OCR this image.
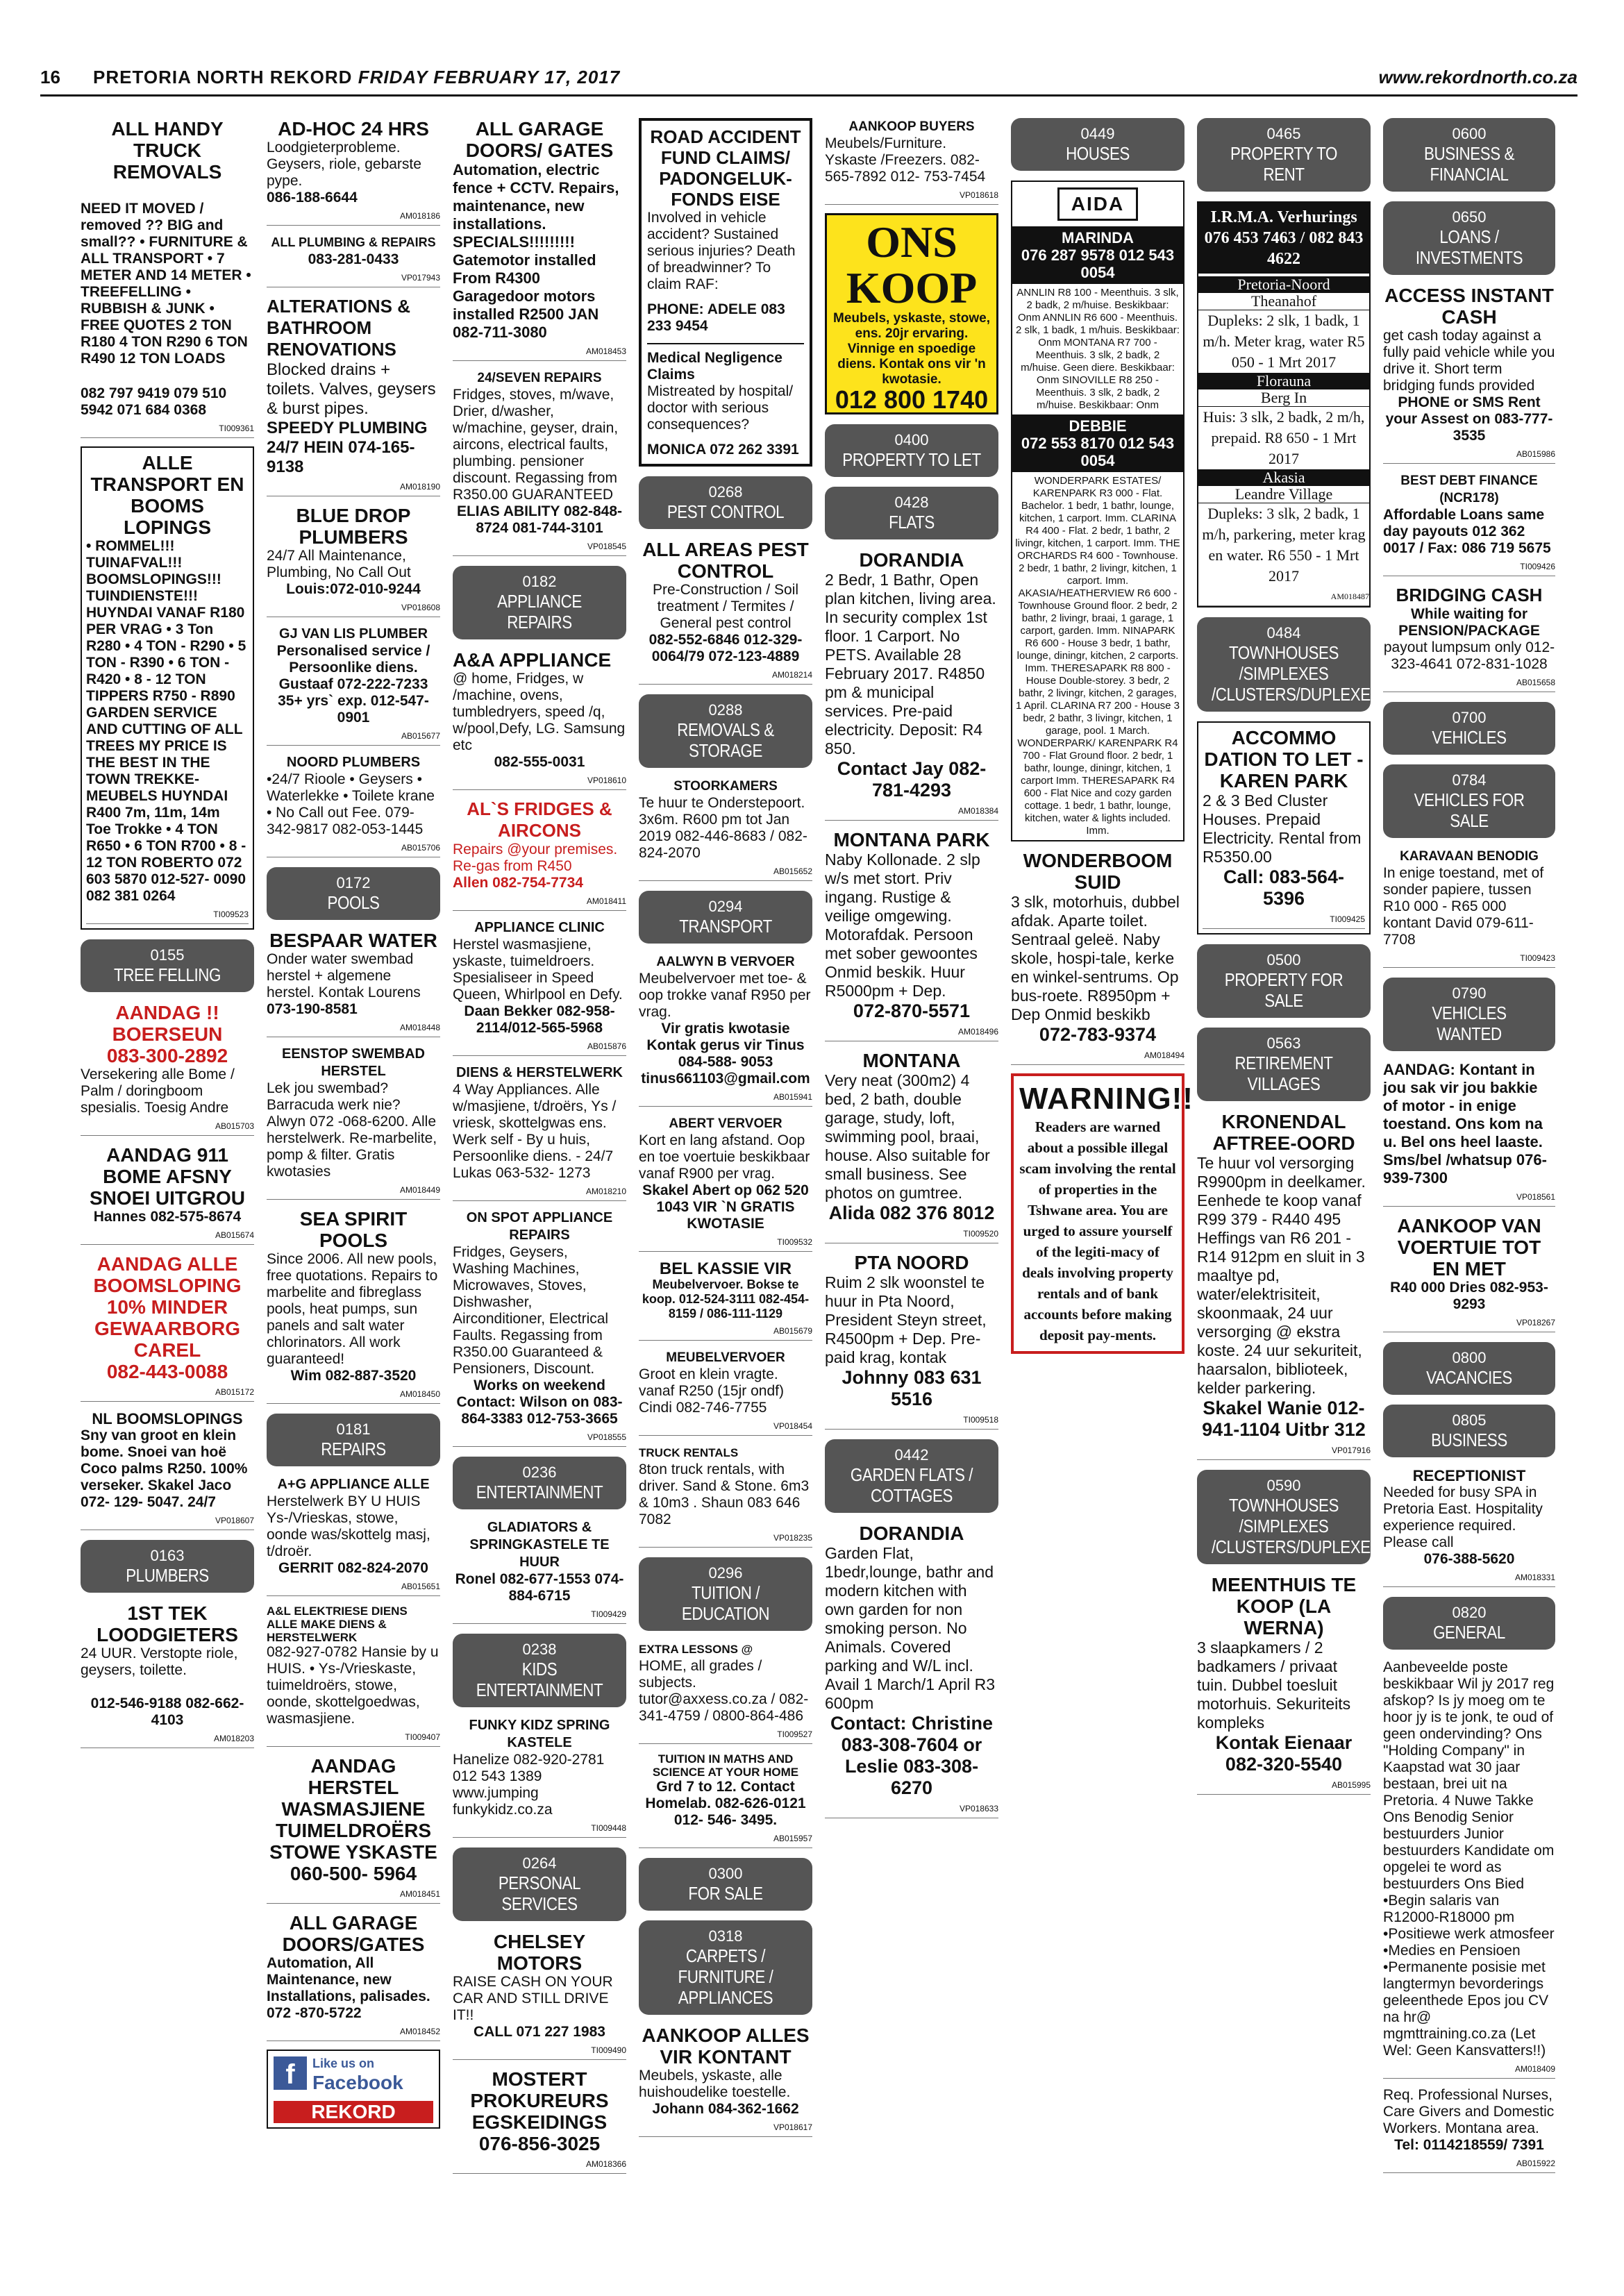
16 PRETORIA NORTH REKORD FRIDAY FEBRUARY 17, 2017	www.rekordnorth.co.za
ALL HANDY TRUCK REMOVALS
NEED IT MOVED / removed ?? BIG and small?? • FURNITURE & ALL TRANSPORT • 7 METER AND 14 METER • TREEFELLING • RUBBISH & JUNK • FREE QUOTES 2 TON R180 4 TON R290 6 TON R490 12 TON LOADS
082 797 9419 079 510 5942 071 684 0368
TI009361
ALLE TRANSPORT EN BOOMS LOPINGS
• ROMMEL!!! TUINAFVAL!!! BOOMSLOPINGS!!! TUINDIENSTE!!! HUYNDAI VANAF R180 PER VRAG • 3 Ton R280 • 4 TON - R290 • 5 TON - R390 • 6 TON - R420 • 8 - 12 TON TIPPERS R750 - R890 GARDEN SERVICE AND CUTTING OF ALL TREES MY PRICE IS THE BEST IN THE TOWN TREKKE-MEUBELS HUYNDAI R400 7m, 11m, 14m Toe Trokke • 4 TON R650 • 6 TON R700 • 8 - 12 TON ROBERTO 072 603 5870 012-527- 0090 082 381 0264
TI009523
0155
TREE FELLING
AANDAG !! BOERSEUN
083-300-2892
Versekering alle Bome / Palm / doringboom spesialis. Toesig Andre
AB015703
AANDAG 911 BOME AFSNY SNOEI UITGROU
Hannes 082-575-8674
AB015674
AANDAG ALLE BOOMSLOPING 10% MINDER GEWAARBORG CAREL
082-443-0088
AB015172
NL BOOMSLOPINGS
Sny van groot en klein bome. Snoei van hoë Coco palms R250. 100% verseker. Skakel Jaco 072- 129- 5047. 24/7
VP018607
0163
PLUMBERS
1ST TEK LOODGIETERS
24 UUR. Verstopte riole, geysers, toilette.
012-546-9188 082-662-4103
AM018203
AD-HOC 24 HRS
Loodgieterprobleme. Geysers, riole, gebarste pype.
086-188-6644
AM018186
ALL PLUMBING & REPAIRS
083-281-0433
VP017943
ALTERATIONS & BATHROOM RENOVATIONS
Blocked drains + toilets. Valves, geysers & burst pipes.
SPEEDY PLUMBING 24/7 HEIN 074-165-9138
AM018190
BLUE DROP PLUMBERS
24/7 All Maintenance, Plumbing, No Call Out
Louis:072-010-9244
VP018608
GJ VAN LIS PLUMBER
Personalised service / Persoonlike diens. Gustaaf 072-222-7233 35+ yrs` exp. 012-547-0901
AB015677
NOORD PLUMBERS
•24/7 Rioole • Geysers • Waterlekke • Toilete krane • No Call out Fee. 079-342-9817 082-053-1445
AB015706
0172
POOLS
BESPAAR WATER
Onder water swembad herstel + algemene herstel. Kontak Lourens
073-190-8581
AM018448
EENSTOP SWEMBAD HERSTEL
Lek jou swembad? Barracuda werk nie? Alwyn 072 -068-6200. Alle herstelwerk. Re-marbelite, pomp & filter. Gratis kwotasies
AM018449
SEA SPIRIT POOLS
Since 2006. All new pools, free quotations. Repairs to marbelite and fibreglass pools, heat pumps, sun panels and salt water chlorinators. All work guaranteed!
Wim 082-887-3520
AM018450
0181
REPAIRS
A+G APPLIANCE ALLE
Herstelwerk BY U HUIS Ys-/Vrieskas, stowe, oonde was/skottelg masj, t/droër.
GERRIT 082-824-2070
AB015651
A&L ELEKTRIESE DIENS ALLE MAKE DIENS & HERSTELWERK
082-927-0782 Hansie by u HUIS. • Ys-/Vrieskaste, tuimeldroërs, stowe, oonde, skottelgoedwas, wasmasjiene.
TI009407
AANDAG HERSTEL WASMASJIENE TUIMELDROËRS STOWE YSKASTE
060-500- 5964
AM018451
ALL GARAGE DOORS/GATES
Automation, All Maintenance, new Installations, palisades. 072 -870-5722
AM018452
f	Like us on
Facebook
REKORD
ALL GARAGE DOORS/ GATES
Automation, electric fence + CCTV. Repairs, maintenance, new installations. SPECIALS!!!!!!!!! Gatemotor installed From R4300 Garagedoor motors installed R2500 JAN 082-711-3080
AM018453
24/SEVEN REPAIRS
Fridges, stoves, m/wave, Drier, d/washer, w/machine, geyser, drain, aircons, electrical faults, plumbing. pensioner discount. Regassing from R350.00 GUARANTEED
ELIAS ABILITY 082-848-8724 081-744-3101
VP018545
0182
APPLIANCE REPAIRS
A&A APPLIANCE
@ home, Fridges, w /machine, ovens, tumbledryers, speed /q, w/pool,Defy, LG. Samsung etc
082-555-0031
VP018610
AL`S FRIDGES & AIRCONS
Repairs @your premises. Re-gas from R450
Allen 082-754-7734
AM018411
APPLIANCE CLINIC
Herstel wasmasjiene, yskaste, tuimeldroers. Spesialiseer in Speed Queen, Whirlpool en Defy.
Daan Bekker 082-958-2114/012-565-5968
AB015876
DIENS & HERSTELWERK
4 Way Appliances. Alle w/masjiene, t/droërs, Ys / vriesk, skottelgwas ens. Werk self - By u huis, Persoonlike diens. - 24/7 Lukas 063-532- 1273
AM018210
ON SPOT APPLIANCE REPAIRS
Fridges, Geysers, Washing Machines, Microwaves, Stoves, Dishwasher, Airconditioner, Electrical Faults. Regassing from R350.00 Guaranteed & Pensioners, Discount.
Works on weekend Contact: Wilson on 083-864-3383 012-753-3665
VP018555
0236
ENTERTAINMENT
GLADIATORS & SPRINGKASTELE TE HUUR
Ronel 082-677-1553 074-884-6715
TI009429
0238
KIDS ENTERTAINMENT
FUNKY KIDZ SPRING KASTELE
Hanelize 082-920-2781 012 543 1389 www.jumping funkykidz.co.za
TI009448
0264
PERSONAL SERVICES
CHELSEY MOTORS
RAISE CASH ON YOUR CAR AND STILL DRIVE IT!!
CALL 071 227 1983
TI009490
MOSTERT PROKUREURS EGSKEIDINGS
076-856-3025
AM018366
ROAD ACCIDENT FUND CLAIMS/ PADONGELUK-FONDS EISE
Involved in vehicle accident? Sustained serious injuries? Death of breadwinner? To claim RAF:
PHONE: ADELE 083 233 9454
Medical Negligence Claims
Mistreated by hospital/ doctor with serious consequences?
MONICA 072 262 3391
0268
PEST CONTROL
ALL AREAS PEST CONTROL
Pre-Construction / Soil treatment / Termites / General pest control
082-552-6846 012-329-0064/79 072-123-4889
AM018214
0288
REMOVALS & STORAGE
STOORKAMERS
Te huur te Onderstepoort. 3x6m. R600 pm tot Jan 2019 082-446-8683 / 082-824-2070
AB015652
0294
TRANSPORT
AALWYN B VERVOER
Meubelvervoer met toe- & oop trokke vanaf R950 per vrag.
Vir gratis kwotasie Kontak gerus vir Tinus 084-588- 9053 tinus661103@gmail.com
AB015941
ABERT VERVOER
Kort en lang afstand. Oop en toe voertuie beskikbaar vanaf R900 per vrag.
Skakel Abert op 062 520 1043 VIR `N GRATIS KWOTASIE
TI009532
BEL KASSIE VIR
Meubelvervoer. Bokse te koop. 012-524-3111 082-454- 8159 / 086-111-1129
AB015679
MEUBELVERVOER
Groot en klein vragte. vanaf R250 (15jr ondf) Cindi 082-746-7755
VP018454
TRUCK RENTALS
8ton truck rentals, with driver. Sand & Stone. 6m3 & 10m3 . Shaun 083 646 7082
VP018235
0296
TUITION / EDUCATION
EXTRA LESSONS @
HOME, all grades / subjects. tutor@axxess.co.za / 082-341-4759 / 0800-864-486
TI009527
TUITION IN MATHS AND SCIENCE AT YOUR HOME
Grd 7 to 12. Contact Homelab. 082-626-0121 012- 546- 3495.
AB015957
0300
FOR SALE
0318
CARPETS / FURNITURE / APPLIANCES
AANKOOP ALLES VIR KONTANT
Meubels, yskaste, alle huishoudelike toestelle.
Johann 084-362-1662
VP018617
AANKOOP BUYERS
Meubels/Furniture. Yskaste /Freezers. 082-565-7892 012- 753-7454
VP018618
ONS KOOP
Meubels, yskaste, stowe, ens. 20jr ervaring. Vinnige en spoedige diens. Kontak ons vir 'n kwotasie.
012 800 1740
0400
PROPERTY TO LET
0428
FLATS
DORANDIA
2 Bedr, 1 Bathr, Open plan kitchen, living area. In security complex 1st floor. 1 Carport. No PETS. Available 28 February 2017. R4850 pm & municipal services. Pre-paid electricity. Deposit: R4 850.
Contact Jay 082-781-4293
AM018384
MONTANA PARK
Naby Kollonade. 2 slp w/s met stort. Priv ingang. Rustige & veilige omgewing. Motorafdak. Persoon met sober gewoontes Onmid beskik. Huur R5000pm + Dep.
072-870-5571
AM018496
MONTANA
Very neat (300m2) 4 bed, 2 bath, double garage, study, loft, swimming pool, braai, house. Also suitable for small business. See photos on gumtree.
Alida 082 376 8012
TI009520
PTA NOORD
Ruim 2 slk woonstel te huur in Pta Noord, President Steyn street, R4500pm + Dep. Pre-paid krag, kontak
Johnny 083 631 5516
TI009518
0442
GARDEN FLATS / COTTAGES
DORANDIA
Garden Flat, 1bedr,lounge, bathr and modern kitchen with own garden for non smoking person. No Animals. Covered parking and W/L incl. Avail 1 March/1 April R3 600pm
Contact: Christine 083-308-7604 or Leslie 083-308-6270
VP018633
0449
HOUSES
AIDA
MARINDA
076 287 9578 012 543 0054
ANNLIN R8 100 - Meenthuis. 3 slk, 2 badk, 2 m/huise. Beskikbaar: Onm ANNLIN R6 600 - Meenthuis. 2 slk, 1 badk, 1 m/huis. Beskikbaar: Onm MONTANA R7 700 - Meenthuis. 3 slk, 2 badk, 2 m/huise. Geen diere. Beskikbaar: Onm SINOVILLE R8 250 - Meenthuis. 3 slk, 2 badk, 2 m/huise. Beskikbaar: Onm
DEBBIE
072 553 8170 012 543 0054
WONDERPARK ESTATES/ KARENPARK R3 000 - Flat. Bachelor. 1 bedr, 1 bathr, lounge, kitchen, 1 carport. Imm. CLARINA R4 400 - Flat. 2 bedr, 1 bathr, 2 livingr, kitchen, 1 carport. Imm. THE ORCHARDS R4 600 - Townhouse. 2 bedr, 1 bathr, 2 livingr, kitchen, 1 carport. Imm. AKASIA/HEATHERVIEW R6 600 - Townhouse Ground floor. 2 bedr, 2 bathr, 2 livingr, braai, 1 garage, 1 carport, garden. Imm. NINAPARK R6 600 - House 3 bedr, 1 bathr, lounge, diningr, kitchen, 2 carports. Imm. THERESAPARK R8 800 - House Double-storey. 3 bedr, 2 bathr, 2 livingr, kitchen, 2 garages, 1 April. CLARINA R7 200 - House 3 bedr, 2 bathr, 3 livingr, kitchen, 1 garage, pool. 1 March. WONDERPARK/ KARENPARK R4 700 - Flat Ground floor. 2 bedr, 1 bathr, lounge, diningr, kitchen, 1 carport Imm. THERESAPARK R4 600 - Flat Nice and cozy garden cottage. 1 bedr, 1 bathr, lounge, kitchen, water & lights included. Imm.
WONDERBOOM SUID
3 slk, motorhuis, dubbel afdak. Aparte toilet. Sentraal geleë. Naby skole, hospi-tale, kerke en winkel-sentrums. Op bus-roete. R8950pm + Dep Onmid beskikb
072-783-9374
AM018494
WARNING!!
Readers are warned about a possible illegal scam involving the rental of properties in the Tshwane area. You are urged to assure yourself of the legiti-macy of deals involving property rentals and of bank accounts before making deposit pay-ments.
0465
PROPERTY TO RENT
I.R.M.A. Verhurings 076 453 7463 / 082 843 4622
Pretoria-Noord
Theanahof
Dupleks: 2 slk, 1 badk, 1 m/h. Meter krag, water R5 050 - 1 Mrt 2017
Florauna
Berg In
Huis: 3 slk, 2 badk, 2 m/h, prepaid. R8 650 - 1 Mrt 2017
Akasia
Leandre Village
Dupleks: 3 slk, 2 badk, 1 m/h, parkering, meter krag en water. R6 550 - 1 Mrt 2017
AM018487
0484
TOWNHOUSES /SIMPLEXES /CLUSTERS/DUPLEXES
ACCOMMO DATION TO LET - KAREN PARK
2 & 3 Bed Cluster Houses. Prepaid Electricity. Rental from R5350.00
Call: 083-564-5396
TI009425
0500
PROPERTY FOR SALE
0563
RETIREMENT VILLAGES
KRONENDAL AFTREE-OORD
Te huur vol versorging R9900pm in deelkamer. Eenhede te koop vanaf R99 379 - R440 495 Heffings van R6 201 - R14 912pm en sluit in 3 maaltye pd, water/elektrisiteit, skoonmaak, 24 uur versorging @ ekstra koste. 24 uur sekuriteit, haarsalon, biblioteek, kelder parkering.
Skakel Wanie 012-941-1104 Uitbr 312
VP017916
0590
TOWNHOUSES /SIMPLEXES /CLUSTERS/DUPLEXES
MEENTHUIS TE KOOP (LA WERNA)
3 slaapkamers / 2 badkamers / privaat tuin. Dubbel toesluit motorhuis. Sekuriteits kompleks
Kontak Eienaar 082-320-5540
AB015995
0600
BUSINESS & FINANCIAL
0650
LOANS / INVESTMENTS
ACCESS INSTANT CASH
get cash today against a fully paid vehicle while you drive it. Short term bridging funds provided
PHONE or SMS Rent your Assest on 083-777-3535
AB015986
BEST DEBT FINANCE (NCR178)
Affordable Loans same day payouts 012 362 0017 / Fax: 086 719 5675
TI009426
BRIDGING CASH
While waiting for PENSION/PACKAGE
payout lumpsum only 012-323-4641 072-831-1028
AB015658
0700
VEHICLES
0784
VEHICLES FOR SALE
KARAVAAN BENODIG
In enige toestand, met of sonder papiere, tussen R10 000 - R65 000 kontant David 079-611-7708
TI009423
0790
VEHICLES WANTED
AANDAG: Kontant in jou sak vir jou bakkie of motor - in enige toestand. Ons kom na u. Bel ons heel laaste. Sms/bel /whatsup 076-939-7300
VP018561
AANKOOP VAN VOERTUIE TOT EN MET
R40 000 Dries 082-953-9293
VP018267
0800
VACANCIES
0805
BUSINESS
RECEPTIONIST
Needed for busy SPA in Pretoria East. Hospitality experience required. Please call
076-388-5620
AM018331
0820
GENERAL
Aanbeveelde poste beskikbaar Wil jy 2017 reg afskop? Is jy moeg om te hoor jy is te jonk, te oud of geen ondervinding? Ons "Holding Company" in Kaapstad wat 30 jaar bestaan, brei uit na Pretoria. 4 Nuwe Takke Ons Benodig Senior bestuurders Junior bestuurders Kandidate om opgelei te word as bestuurders Ons Bied •Begin salaris van R12000-R18000 pm •Positiewe werk atmosfeer •Medies en Pensioen •Permanente posisie met langtermyn bevorderings geleenthede Epos jou CV na hr@ mgmttraining.co.za (Let Wel: Geen Kansvatters!!)
AM018409
Req. Professional Nurses, Care Givers and Domestic Workers. Montana area.
Tel: 0114218559/ 7391
AB015922
